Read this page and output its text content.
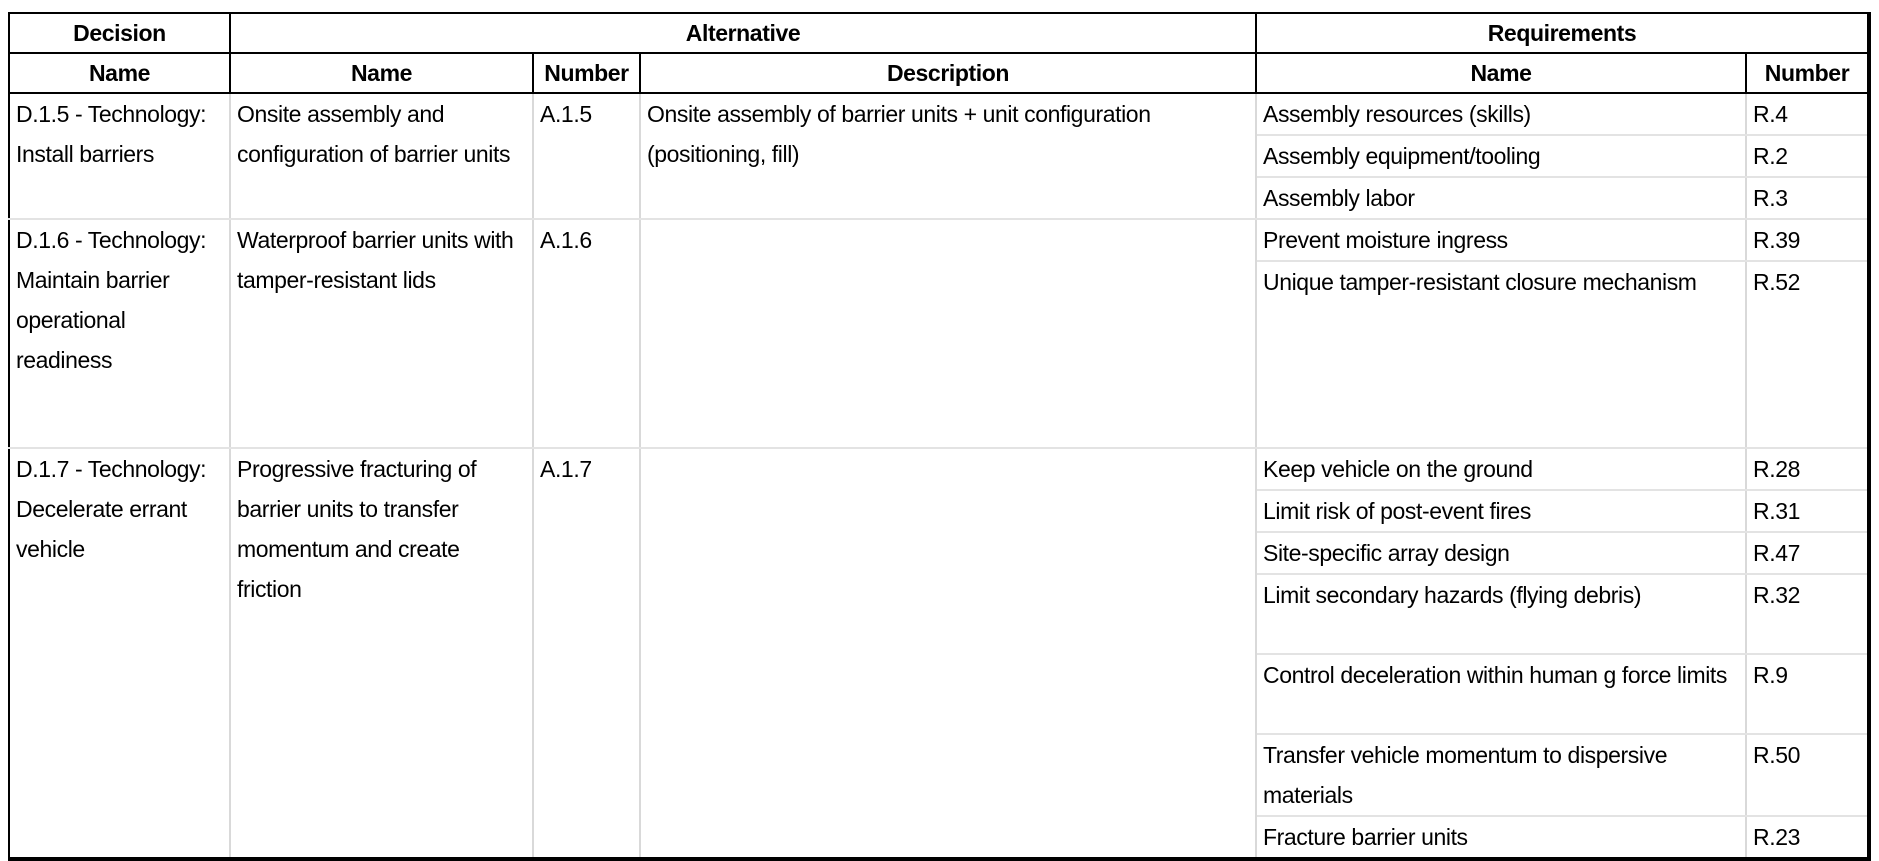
Decision	Alternative			Requirements	
Name	Name	Number	Description	Name	Number
D.1.5 - Technology: Install barriers	Onsite assembly and configuration of barrier units	A.1.5	Onsite assembly of barrier units + unit configuration (positioning, fill)	Assembly resources (skills)	R.4
				Assembly equipment/tooling	R.2
				Assembly labor	R.3
D.1.6 - Technology: Maintain barrier operational readiness	Waterproof barrier units with tamper-resistant lids	A.1.6		Prevent moisture ingress	R.39
				Unique tamper-resistant closure mechanism	R.52
D.1.7 - Technology: Decelerate errant vehicle	Progressive fracturing of barrier units to transfer momentum and create friction	A.1.7		Keep vehicle on the ground	R.28
				Limit risk of post-event fires	R.31
				Site-specific array design	R.47
				Limit secondary hazards (flying debris)	R.32
				Control deceleration within human g force limits	R.9
				Transfer vehicle momentum to dispersive materials	R.50
				Fracture barrier units	R.23
